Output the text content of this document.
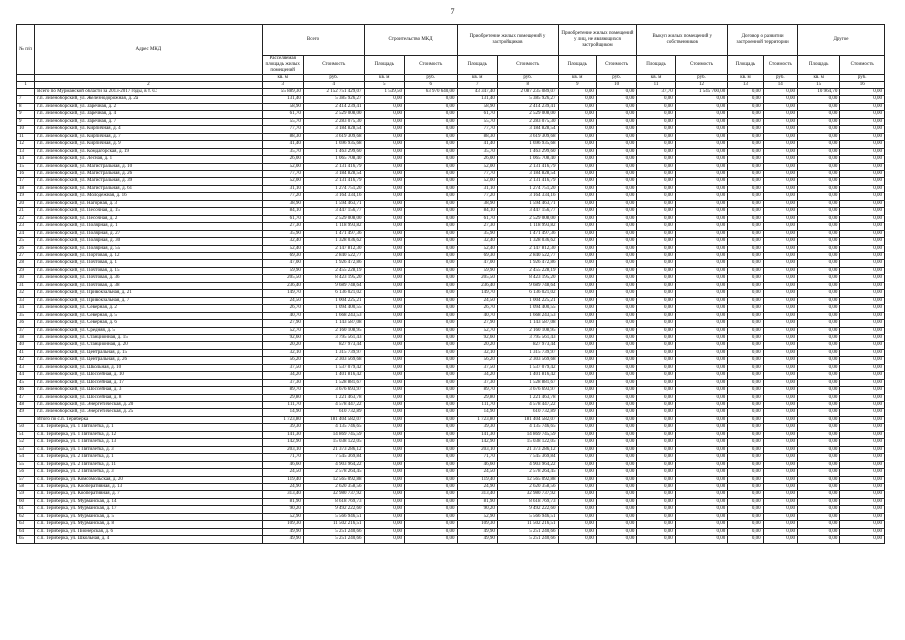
7
№ п/п	Адрес МКД	Всего		Строительство МКД		Приобретение жилых помещений у застройщиков		Приобретение жилых помещений у лиц, не являющихся застройщиком		Выкуп жилых помещений у собственников		Договор о развитии застроенной территории		Другое	
		Расселяемая площадь жилых помещений	Стоимость	Площадь	Стоимость	Площадь	Стоимость	Площадь	Стоимость	Площадь	Стоимость	Площадь	Стоимость	Площадь	Стоимость
		кв. м	руб.	кв. м	руб.	кв. м	руб.	кв. м	руб.	кв. м	руб.	кв. м	руб.	кв. м	руб.
1	2	3	4	5	6	7	8	9	10	11	12	13	14	15	16
	Всего по Мурманской области за 2013-2017 годы, в т. ч.:	55 889,30	2 152 751 429,07	1 539,50	63 970 640,00	43 347,40	2 087 235 089,07	0,00	0,00	37,70	1 545 700,00	0,00	0,00	10 964,70	0,00
7	г.п. Зеленоборский, ул. Железнодорожная, д. 2а	131,40	5 385 926,27	0,00	0,00	131,40	5 385 926,27	0,00	0,00	0,00	0,00	0,00	0,00	0,00	0,00
8	г.п. Зеленоборский, ул. Заречная, д. 2	58,90	2 414 239,41	0,00	0,00	58,90	2 414 239,41	0,00	0,00	0,00	0,00	0,00	0,00	0,00	0,00
9	г.п. Зеленоборский, ул. Заречная, д. 4	61,70	2 529 008,00	0,00	0,00	61,70	2 529 008,00	0,00	0,00	0,00	0,00	0,00	0,00	0,00	0,00
9	г.п. Зеленоборский, ул. Заречная, д. 7	55,70	2 283 075,30	0,00	0,00	55,70	2 283 075,30	0,00	0,00	0,00	0,00	0,00	0,00	0,00	0,00
10	г.п. Зеленоборский, ул. Кирпичная, д. 4	77,70	3 184 828,54	0,00	0,00	77,70	3 184 828,54	0,00	0,00	0,00	0,00	0,00	0,00	0,00	0,00
11	г.п. Зеленоборский, ул. Кирпичная, д. 7	88,30	3 619 309,68	0,00	0,00	88,30	3 619 309,68	0,00	0,00	0,00	0,00	0,00	0,00	0,00	0,00
12	г.п. Зеленоборский, ул. Кирпичная, д. 9	41,40	1 696 935,68	0,00	0,00	41,40	1 696 935,68	0,00	0,00	0,00	0,00	0,00	0,00	0,00	0,00
13	г.п. Зеленоборский, ул. Комдагорская, д. 19	35,70	1 463 299,60	0,00	0,00	35,70	1 463 299,60	0,00	0,00	0,00	0,00	0,00	0,00	0,00	0,00
14	г.п. Зеленоборский, ул. Лесная, д. 1	26,00	1 065 708,40	0,00	0,00	26,00	1 065 708,40	0,00	0,00	0,00	0,00	0,00	0,00	0,00	0,00
15	г.п. Зеленоборский, ул. Магистральная, д. 10	52,00	2 131 416,79	0,00	0,00	52,00	2 131 416,79	0,00	0,00	0,00	0,00	0,00	0,00	0,00	0,00
16	г.п. Зеленоборский, ул. Магистральная, д. 26	77,70	3 184 828,54	0,00	0,00	77,70	3 184 828,54	0,00	0,00	0,00	0,00	0,00	0,00	0,00	0,00
17	г.п. Зеленоборский, ул. Магистральная, д. 39	52,00	2 131 416,79	0,00	0,00	52,00	2 131 416,79	0,00	0,00	0,00	0,00	0,00	0,00	0,00	0,00
18	г.п. Зеленоборский, ул. Магистральная, д. 61	31,10	1 274 751,20	0,00	0,00	31,10	1 274 751,20	0,00	0,00	0,00	0,00	0,00	0,00	0,00	0,00
19	г.п. Зеленоборский, ул. Молодежная, д. 16	77,20	3 164 334,16	0,00	0,00	77,20	3 164 334,16	0,00	0,00	0,00	0,00	0,00	0,00	0,00	0,00
20	г.п. Зеленоборский, ул. Нагорная, д. 3	38,90	1 594 463,71	0,00	0,00	38,90	1 594 463,71	0,00	0,00	0,00	0,00	0,00	0,00	0,00	0,00
21	г.п. Зеленоборский, ул. Песочная, д. 15	84,10	3 447 156,77	0,00	0,00	84,10	3 447 156,77	0,00	0,00	0,00	0,00	0,00	0,00	0,00	0,00
22	г.п. Зеленоборский, ул. Песочная, д. 2	61,70	2 529 008,00	0,00	0,00	61,70	2 529 008,00	0,00	0,00	0,00	0,00	0,00	0,00	0,00	0,00
23	г.п. Зеленоборский, ул. Полярная, д. 1	27,30	1 118 993,82	0,00	0,00	27,30	1 118 993,82	0,00	0,00	0,00	0,00	0,00	0,00	0,00	0,00
24	г.п. Зеленоборский, ул. Полярная, д. 27	35,90	1 471 497,36	0,00	0,00	35,90	1 471 497,36	0,00	0,00	0,00	0,00	0,00	0,00	0,00	0,00
25	г.п. Зеленоборский, ул. Полярная, д. 30	32,40	1 328 036,62	0,00	0,00	32,40	1 328 036,62	0,00	0,00	0,00	0,00	0,00	0,00	0,00	0,00
26	г.п. Зеленоборский, ул. Полярная, д. 55	52,40	2 147 812,30	0,00	0,00	52,40	2 147 812,30	0,00	0,00	0,00	0,00	0,00	0,00	0,00	0,00
27	г.п. Зеленоборский, ул. Портовая, д. 12	69,30	2 840 522,77	0,00	0,00	69,30	2 840 522,77	0,00	0,00	0,00	0,00	0,00	0,00	0,00	0,00
28	г.п. Зеленоборский, ул. Почтовая, д. 1	47,00	1 926 472,86	0,00	0,00	47,00	1 926 472,86	0,00	0,00	0,00	0,00	0,00	0,00	0,00	0,00
29	г.п. Зеленоборский, ул. Почтовая, д. 15	59,90	2 455 228,19	0,00	0,00	59,90	2 455 228,19	0,00	0,00	0,00	0,00	0,00	0,00	0,00	0,00
30	г.п. Зеленоборский, ул. Почтовая, д. 36	205,50	8 423 195,20	0,00	0,00	205,50	8 423 195,20	0,00	0,00	0,00	0,00	0,00	0,00	0,00	0,00
31	г.п. Зеленоборский, ул. Почтовая, д. 38	236,40	9 689 748,64	0,00	0,00	236,40	9 689 748,64	0,00	0,00	0,00	0,00	0,00	0,00	0,00	0,00
32	г.п. Зеленоборский, ул. Привокзальная, д. 21	149,70	6 136 021,02	0,00	0,00	149,70	6 136 021,02	0,00	0,00	0,00	0,00	0,00	0,00	0,00	0,00
33	г.п. Зеленоборский, ул. Привокзальная, д. 7	24,50	1 004 225,21	0,00	0,00	24,50	1 004 225,21	0,00	0,00	0,00	0,00	0,00	0,00	0,00	0,00
34	г.п. Зеленоборский, ул. Северная, д. 2	26,70	1 094 400,55	0,00	0,00	26,70	1 094 400,55	0,00	0,00	0,00	0,00	0,00	0,00	0,00	0,00
35	г.п. Зеленоборский, ул. Северная, д. 5	40,70	1 668 243,53	0,00	0,00	40,70	1 668 243,53	0,00	0,00	0,00	0,00	0,00	0,00	0,00	0,00
36	г.п. Зеленоборский, ул. Северная, д. 6	27,90	1 143 587,08	0,00	0,00	27,90	1 143 587,08	0,00	0,00	0,00	0,00	0,00	0,00	0,00	0,00
37	г.п. Зеленоборский, ул. Средняя, д. 5	52,70	2 160 108,95	0,00	0,00	52,70	2 160 108,95	0,00	0,00	0,00	0,00	0,00	0,00	0,00	0,00
38	г.п. Зеленоборский, ул. Станционная, д. 15	92,60	3 795 561,43	0,00	0,00	92,60	3 795 561,43	0,00	0,00	0,00	0,00	0,00	0,00	0,00	0,00
40	г.п. Зеленоборский, ул. Станционная, д. 20	20,20	827 973,44	0,00	0,00	20,20	827 973,44	0,00	0,00	0,00	0,00	0,00	0,00	0,00	0,00
41	г.п. Зеленоборский, ул. Центральная, д. 15	32,10	1 315 739,97	0,00	0,00	32,10	1 315 739,97	0,00	0,00	0,00	0,00	0,00	0,00	0,00	0,00
42	г.п. Зеленоборский, ул. Центральная, д. 26	56,20	2 303 569,68	0,00	0,00	56,20	2 303 569,68	0,00	0,00	0,00	0,00	0,00	0,00	0,00	0,00
43	г.п. Зеленоборский, ул. Школьная, д. 10	37,50	1 537 079,42	0,00	0,00	37,50	1 537 079,42	0,00	0,00	0,00	0,00	0,00	0,00	0,00	0,00
44	г.п. Зеленоборский, ул. Шоссейная, д. 10	34,20	1 401 816,42	0,00	0,00	34,20	1 401 816,42	0,00	0,00	0,00	0,00	0,00	0,00	0,00	0,00
45	г.п. Зеленоборский, ул. Шоссейная, д. 17	37,30	1 528 881,67	0,00	0,00	37,30	1 528 881,67	0,00	0,00	0,00	0,00	0,00	0,00	0,00	0,00
46	г.п. Зеленоборский, ул. Шоссейная, д. 3	89,70	3 676 693,97	0,00	0,00	89,70	3 676 693,97	0,00	0,00	0,00	0,00	0,00	0,00	0,00	0,00
47	г.п. Зеленоборский, ул. Шоссейная, д. 8	29,80	1 221 463,78	0,00	0,00	29,80	1 221 463,78	0,00	0,00	0,00	0,00	0,00	0,00	0,00	0,00
48	г.п. Зеленоборский, ул. Энергетическая, д. 20	111,70	4 578 447,22	0,00	0,00	111,70	4 578 447,22	0,00	0,00	0,00	0,00	0,00	0,00	0,00	0,00
49	г.п. Зеленоборский, ул. Энергетическая, д. 25	14,90	610 732,89	0,00	0,00	14,90	610 732,89	0,00	0,00	0,00	0,00	0,00	0,00	0,00	0,00
	Итого по с.п. Териберка	1 723,80	181 404 582,07	0,00	0,00	1 723,80	181 404 582,07	0,00	0,00	0,00	0,00	0,00	0,00	0,00	0,00
50	с.п. Териберка, ул. 1 Пятилетка, д. 1	39,30	4 135 746,65	0,00	0,00	39,30	4 135 746,65	0,00	0,00	0,00	0,00	0,00	0,00	0,00	0,00
51	с.п. Териберка, ул. 1 Пятилетка, д. 12	141,30	14 869 745,59	0,00	0,00	141,30	14 869 745,59	0,00	0,00	0,00	0,00	0,00	0,00	0,00	0,00
52	с.п. Териберка, ул. 1 Пятилетка, д. 13	142,90	15 038 122,05	0,00	0,00	142,90	15 038 122,05	0,00	0,00	0,00	0,00	0,00	0,00	0,00	0,00
53	с.п. Териберка, ул. 1 Пятилетка, д. 3	203,10	21 373 286,12	0,00	0,00	203,10	21 373 286,12	0,00	0,00	0,00	0,00	0,00	0,00	0,00	0,00
54	с.п. Териберка, ул. 2 Пятилетка, д. 1	71,70	7 545 369,84	0,00	0,00	71,70	7 545 369,84	0,00	0,00	0,00	0,00	0,00	0,00	0,00	0,00
55	с.п. Териберка, ул. 2 Пятилетка, д. 11	46,60	4 903 964,22	0,00	0,00	46,60	4 903 964,22	0,00	0,00	0,00	0,00	0,00	0,00	0,00	0,00
56	с.п. Териберка, ул. 2 Пятилетка, д. 3	24,50	2 578 264,45	0,00	0,00	24,50	2 578 264,45	0,00	0,00	0,00	0,00	0,00	0,00	0,00	0,00
57	с.п. Териберка, ул. Комсомольская, д. 20	119,40	12 565 092,88	0,00	0,00	119,40	12 565 092,88	0,00	0,00	0,00	0,00	0,00	0,00	0,00	0,00
58	с.п. Териберка, ул. Кооперативная, д. 13	24,90	2 620 358,56	0,00	0,00	24,90	2 620 358,56	0,00	0,00	0,00	0,00	0,00	0,00	0,00	0,00
59	с.п. Териберка, ул. Кооперативная, д. 7	313,40	32 980 737,92	0,00	0,00	313,40	32 980 737,92	0,00	0,00	0,00	0,00	0,00	0,00	0,00	0,00
60	с.п. Териберка, ул. Мурманская, д. 14	81,90	8 618 769,73	0,00	0,00	81,90	8 618 769,73	0,00	0,00	0,00	0,00	0,00	0,00	0,00	0,00
61	с.п. Териберка, ул. Мурманская, д. 17	90,20	9 492 222,60	0,00	0,00	90,20	9 492 222,60	0,00	0,00	0,00	0,00	0,00	0,00	0,00	0,00
62	с.п. Териберка, ул. Мурманская, д. 5	52,90	5 566 946,51	0,00	0,00	52,90	5 566 946,51	0,00	0,00	0,00	0,00	0,00	0,00	0,00	0,00
63	с.п. Териберка, ул. Мурманская, д. 8	109,30	11 502 216,51	0,00	0,00	109,30	11 502 216,51	0,00	0,00	0,00	0,00	0,00	0,00	0,00	0,00
64	с.п. Териберка, ул. Пионерская, д. 6	49,90	5 251 240,66	0,00	0,00	49,90	5 251 240,66	0,00	0,00	0,00	0,00	0,00	0,00	0,00	0,00
65	с.п. Териберка, ул. Школьная, д. 4	49,90	5 251 240,66	0,00	0,00	49,90	5 251 240,66	0,00	0,00	0,00	0,00	0,00	0,00	0,00	0,00
